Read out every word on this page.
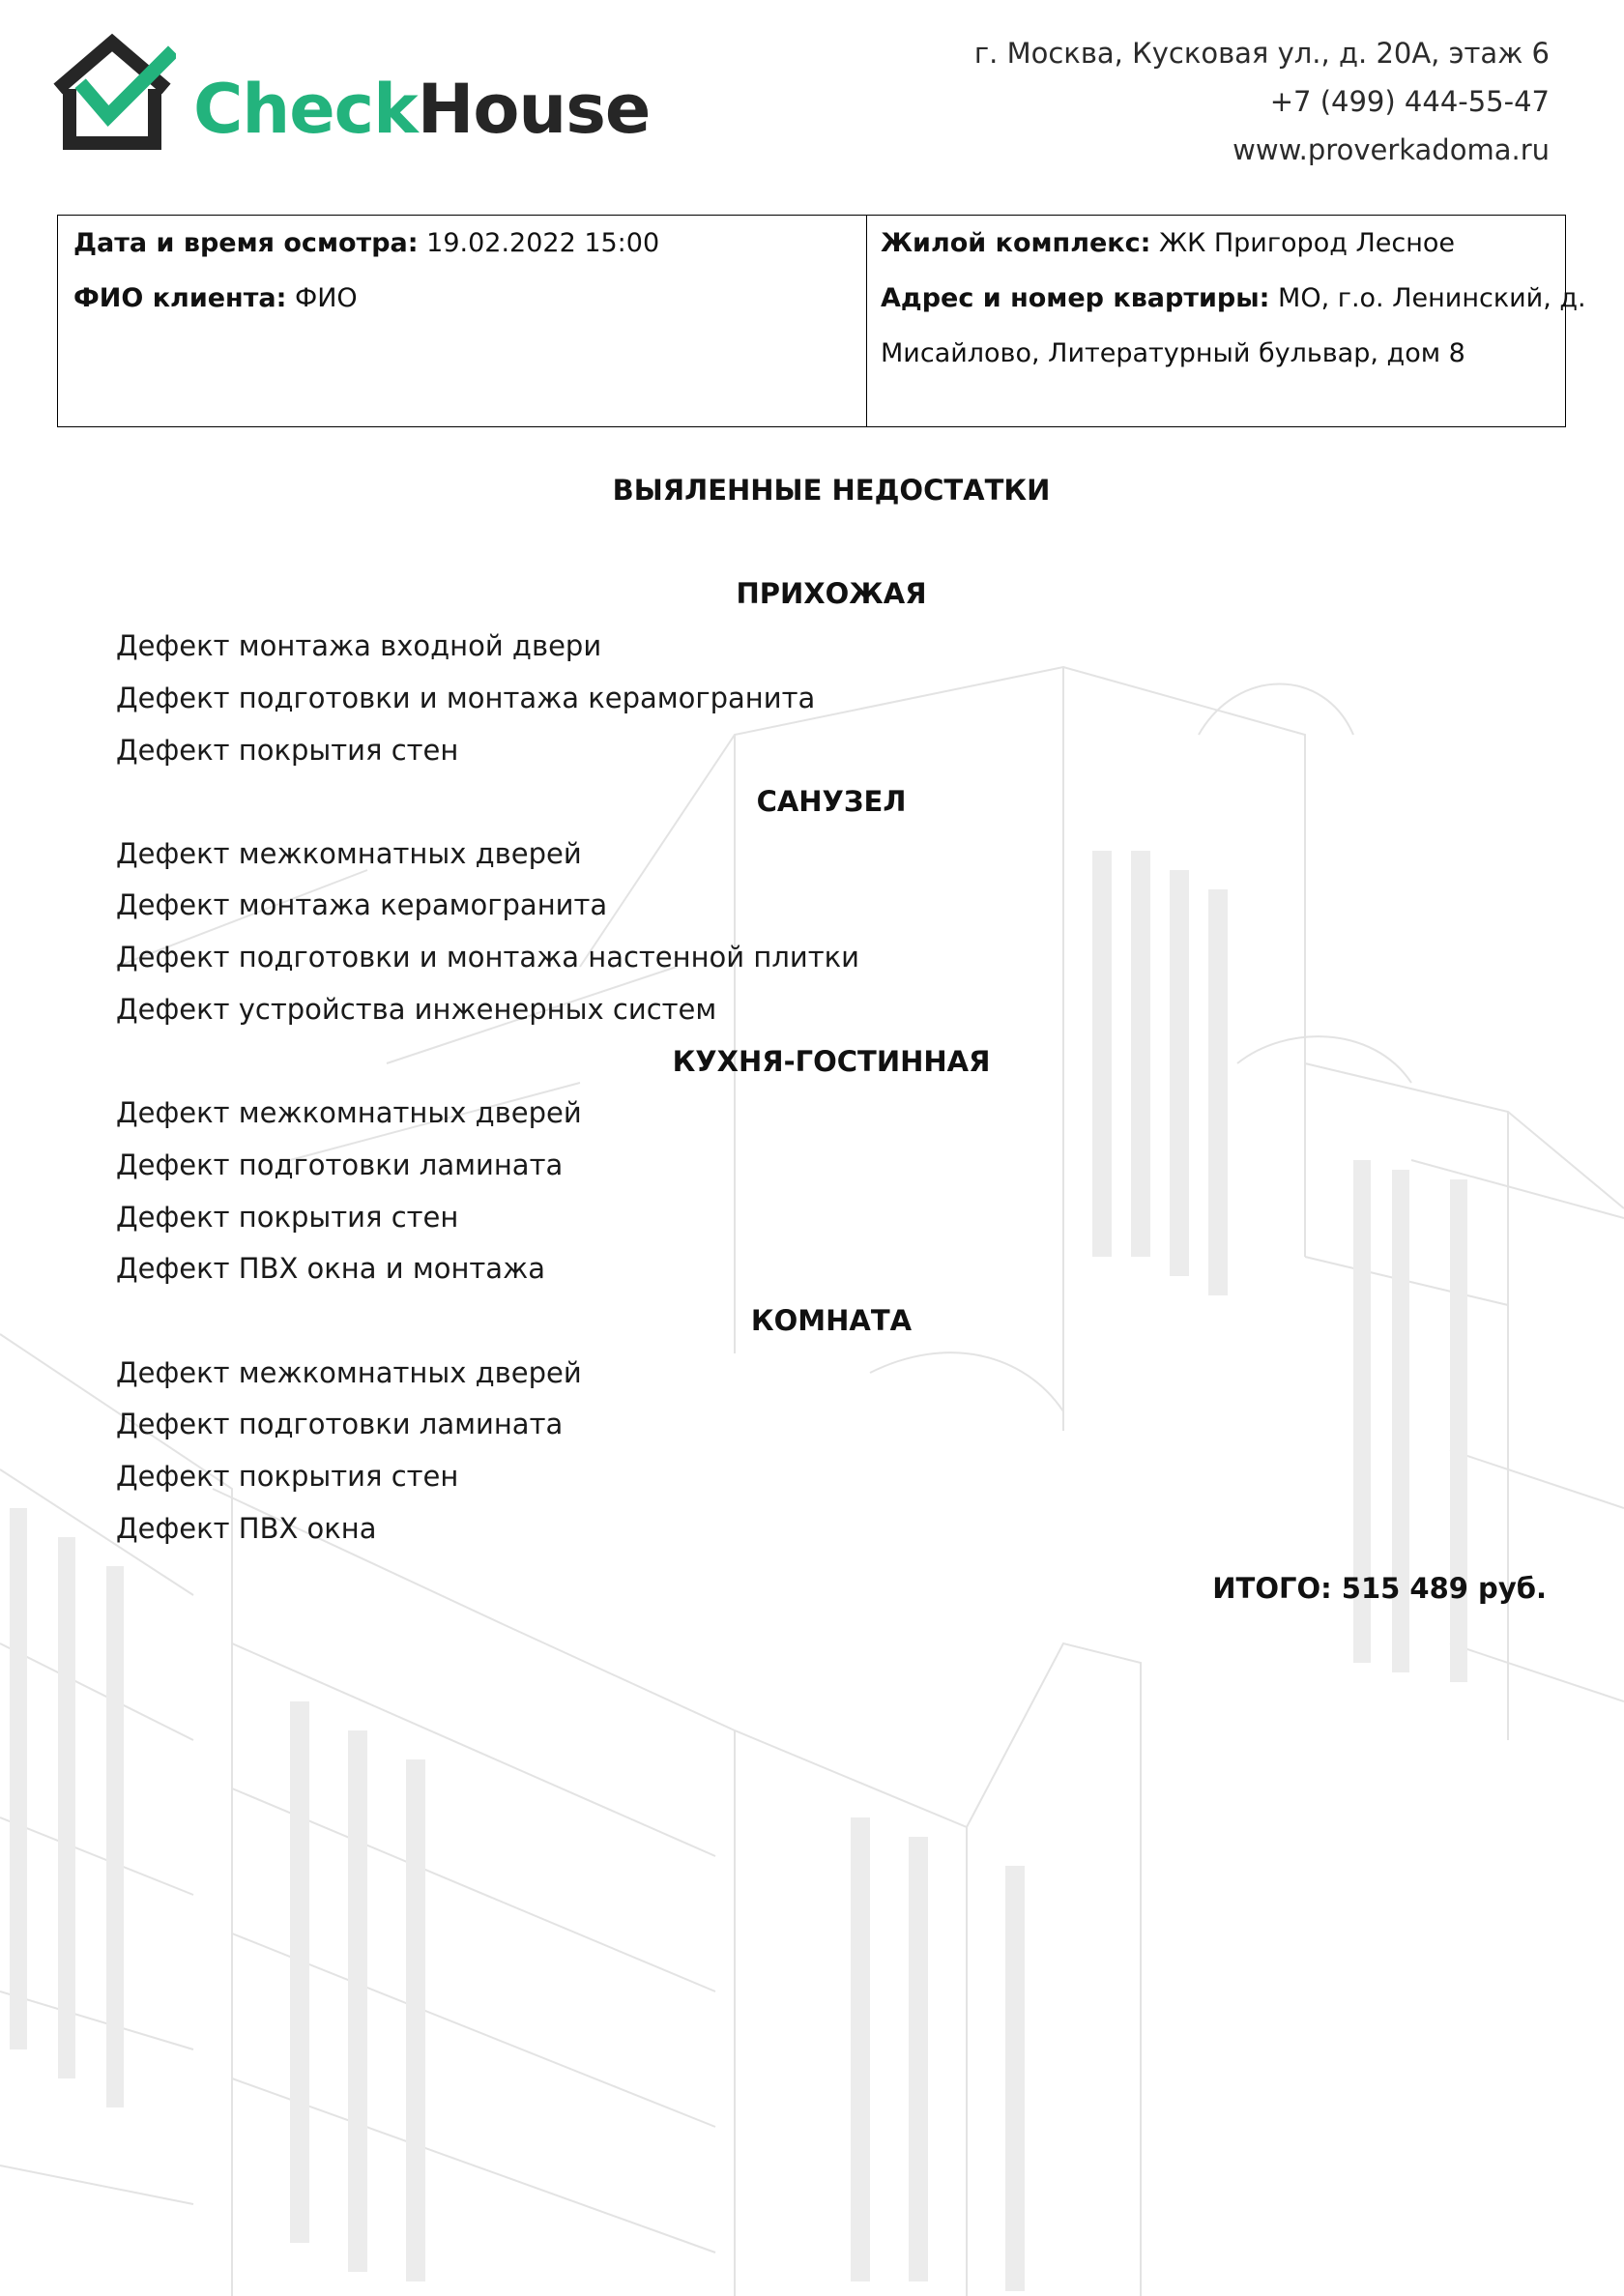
CheckHouse
г. Москва, Кусковая ул., д. 20А, этаж 6
+7 (499) 444-55-47
www.proverkadoma.ru
Дата и время осмотра: 19.02.2022 15:00
ФИО клиента: ФИО
Жилой комплекс: ЖК Пригород Лесное
Адрес и номер квартиры: МО, г.о. Ленинский, д.
Мисайлово, Литературный бульвар, дом 8
ВЫЯЛЕННЫЕ НЕДОСТАТКИ
ПРИХОЖАЯ
Дефект монтажа входной двери
Дефект подготовки и монтажа керамогранита
Дефект покрытия стен
САНУЗЕЛ
Дефект межкомнатных дверей
Дефект монтажа керамогранита
Дефект подготовки и монтажа настенной плитки
Дефект устройства инженерных систем
КУХНЯ-ГОСТИННАЯ
Дефект межкомнатных дверей
Дефект подготовки ламината
Дефект покрытия стен
Дефект ПВХ окна и монтажа
КОМНАТА
Дефект межкомнатных дверей
Дефект подготовки ламината
Дефект покрытия стен
Дефект ПВХ окна
ИТОГО: 515 489 руб.
